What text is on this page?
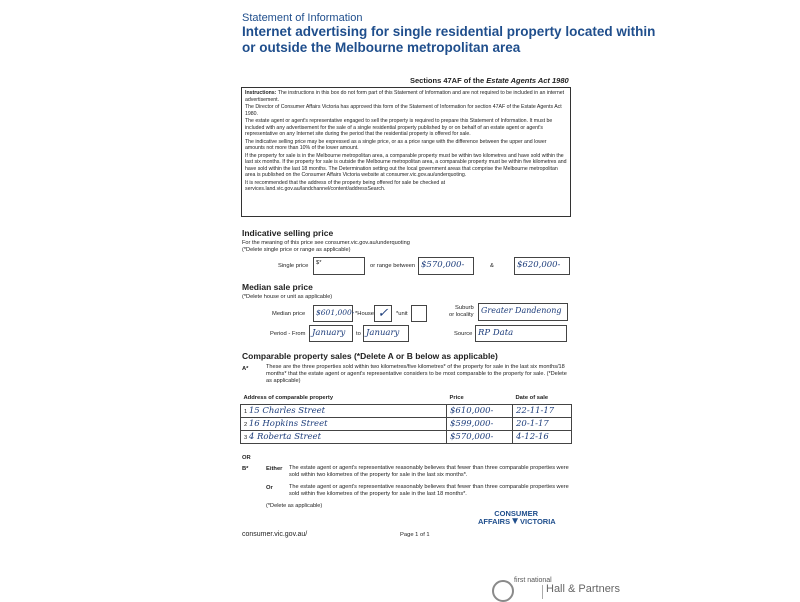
Statement of Information
Internet advertising for single residential property located within or outside the Melbourne metropolitan area
Sections 47AF of the Estate Agents Act 1980

Instructions: The instructions in this box do not form part of this Statement of Information and are not required to be included in an internet advertisement.

The Director of Consumer Affairs Victoria has approved this form of the Statement of Information for section 47AF of the Estate Agents Act 1980.

The estate agent or agent's representative engaged to sell the property is required to prepare this Statement of Information. It must be included with any advertisement for the sale of a single residential property published by or on behalf of an estate agent or agent's representative on any Internet site during the period that the residential property is offered for sale.

The indicative selling price may be expressed as a single price, or as a price range with the difference between the upper and lower amounts not more than 10% of the lower amount.

If the property for sale is in the Melbourne metropolitan area, a comparable property must be within two kilometres and have sold within the last six months. If the property for sale is outside the Melbourne metropolitan area, a comparable property must be within five kilometres and have sold within the last 18 months. The Determination setting out the local government areas that comprise the Melbourne metropolitan area is published on the Consumer Affairs Victoria website at consumer.vic.gov.au/underquoting.

It is recommended that the address of the property being offered for sale be checked at services.land.vic.gov.au/landchannel/content/addressSearch.

Indicative selling price
For the meaning of this price see consumer.vic.gov.au/underquoting
(*Delete single price or range as applicable)
Single price	$*	or range between $570,000-	&	$620,000-
Median sale price
(*Delete house or unit as applicable)
Median price	$601,000- *House ✓	*unit
Suburb
or locality Greater Dandenong
Period - From January	to January	Source RP Data
Comparable property sales (*Delete A or B below as applicable)
A*	These are the three properties sold within two kilometres/five kilometres* of the property for sale in the last six months/18 months* that the estate agent or agent's representative considers to be most comparable to the property for sale. (*Delete as applicable)
Address of comparable property	Price	Date of sale
1 15 Charles Street	$610,000-	22-11-17
2 16 Hopkins Street	$599,000-	20-1-17
3 4 Roberta Street	$570,000-	4-12-16
OR
B*	Either The estate agent or agent's representative reasonably believes that fewer than three comparable properties were sold within two kilometres of the property for sale in the last six months*.
Or	The estate agent or agent's representative reasonably believes that fewer than three comparable properties were sold within five kilometres of the property for sale in the last 18 months*.
(*Delete as applicable)
consumer.vic.gov.au/	Page 1 of 1
CONSUMER
AFFAIRS▼VICTORIA
first national
Hall & Partners
